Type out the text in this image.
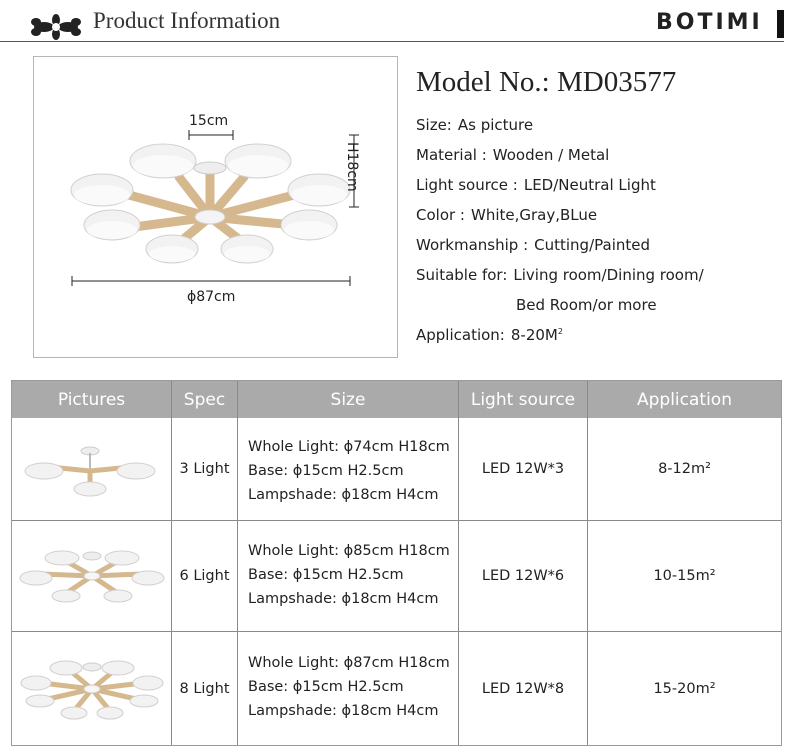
Product Information	BOTIMI
15cm
H18cm
ϕ87cm
Model No.: MD03577
Size: As picture
Material : Wooden / Metal
Light source : LED/Neutral Light
Color : White,Gray,BLue
Workmanship : Cutting/Painted
Suitable for: Living room/Dining room/
Bed Room/or more
Application: $8-20M^2$
Pictures	Spec	Size	Light source	Application
3 Light
Whole Light: ϕ74cm H18cm
Base: ϕ15cm H2.5cm
Lampshade: ϕ18cm H4cm
LED 12W*3	8-12m²
6 Light
Whole Light: ϕ85cm H18cm
Base: ϕ15cm H2.5cm
Lampshade: ϕ18cm H4cm
LED 12W*6	10-15m²
8 Light
Whole Light: ϕ87cm H18cm
Base: ϕ15cm H2.5cm
Lampshade: ϕ18cm H4cm
LED 12W*8	15-20m²
